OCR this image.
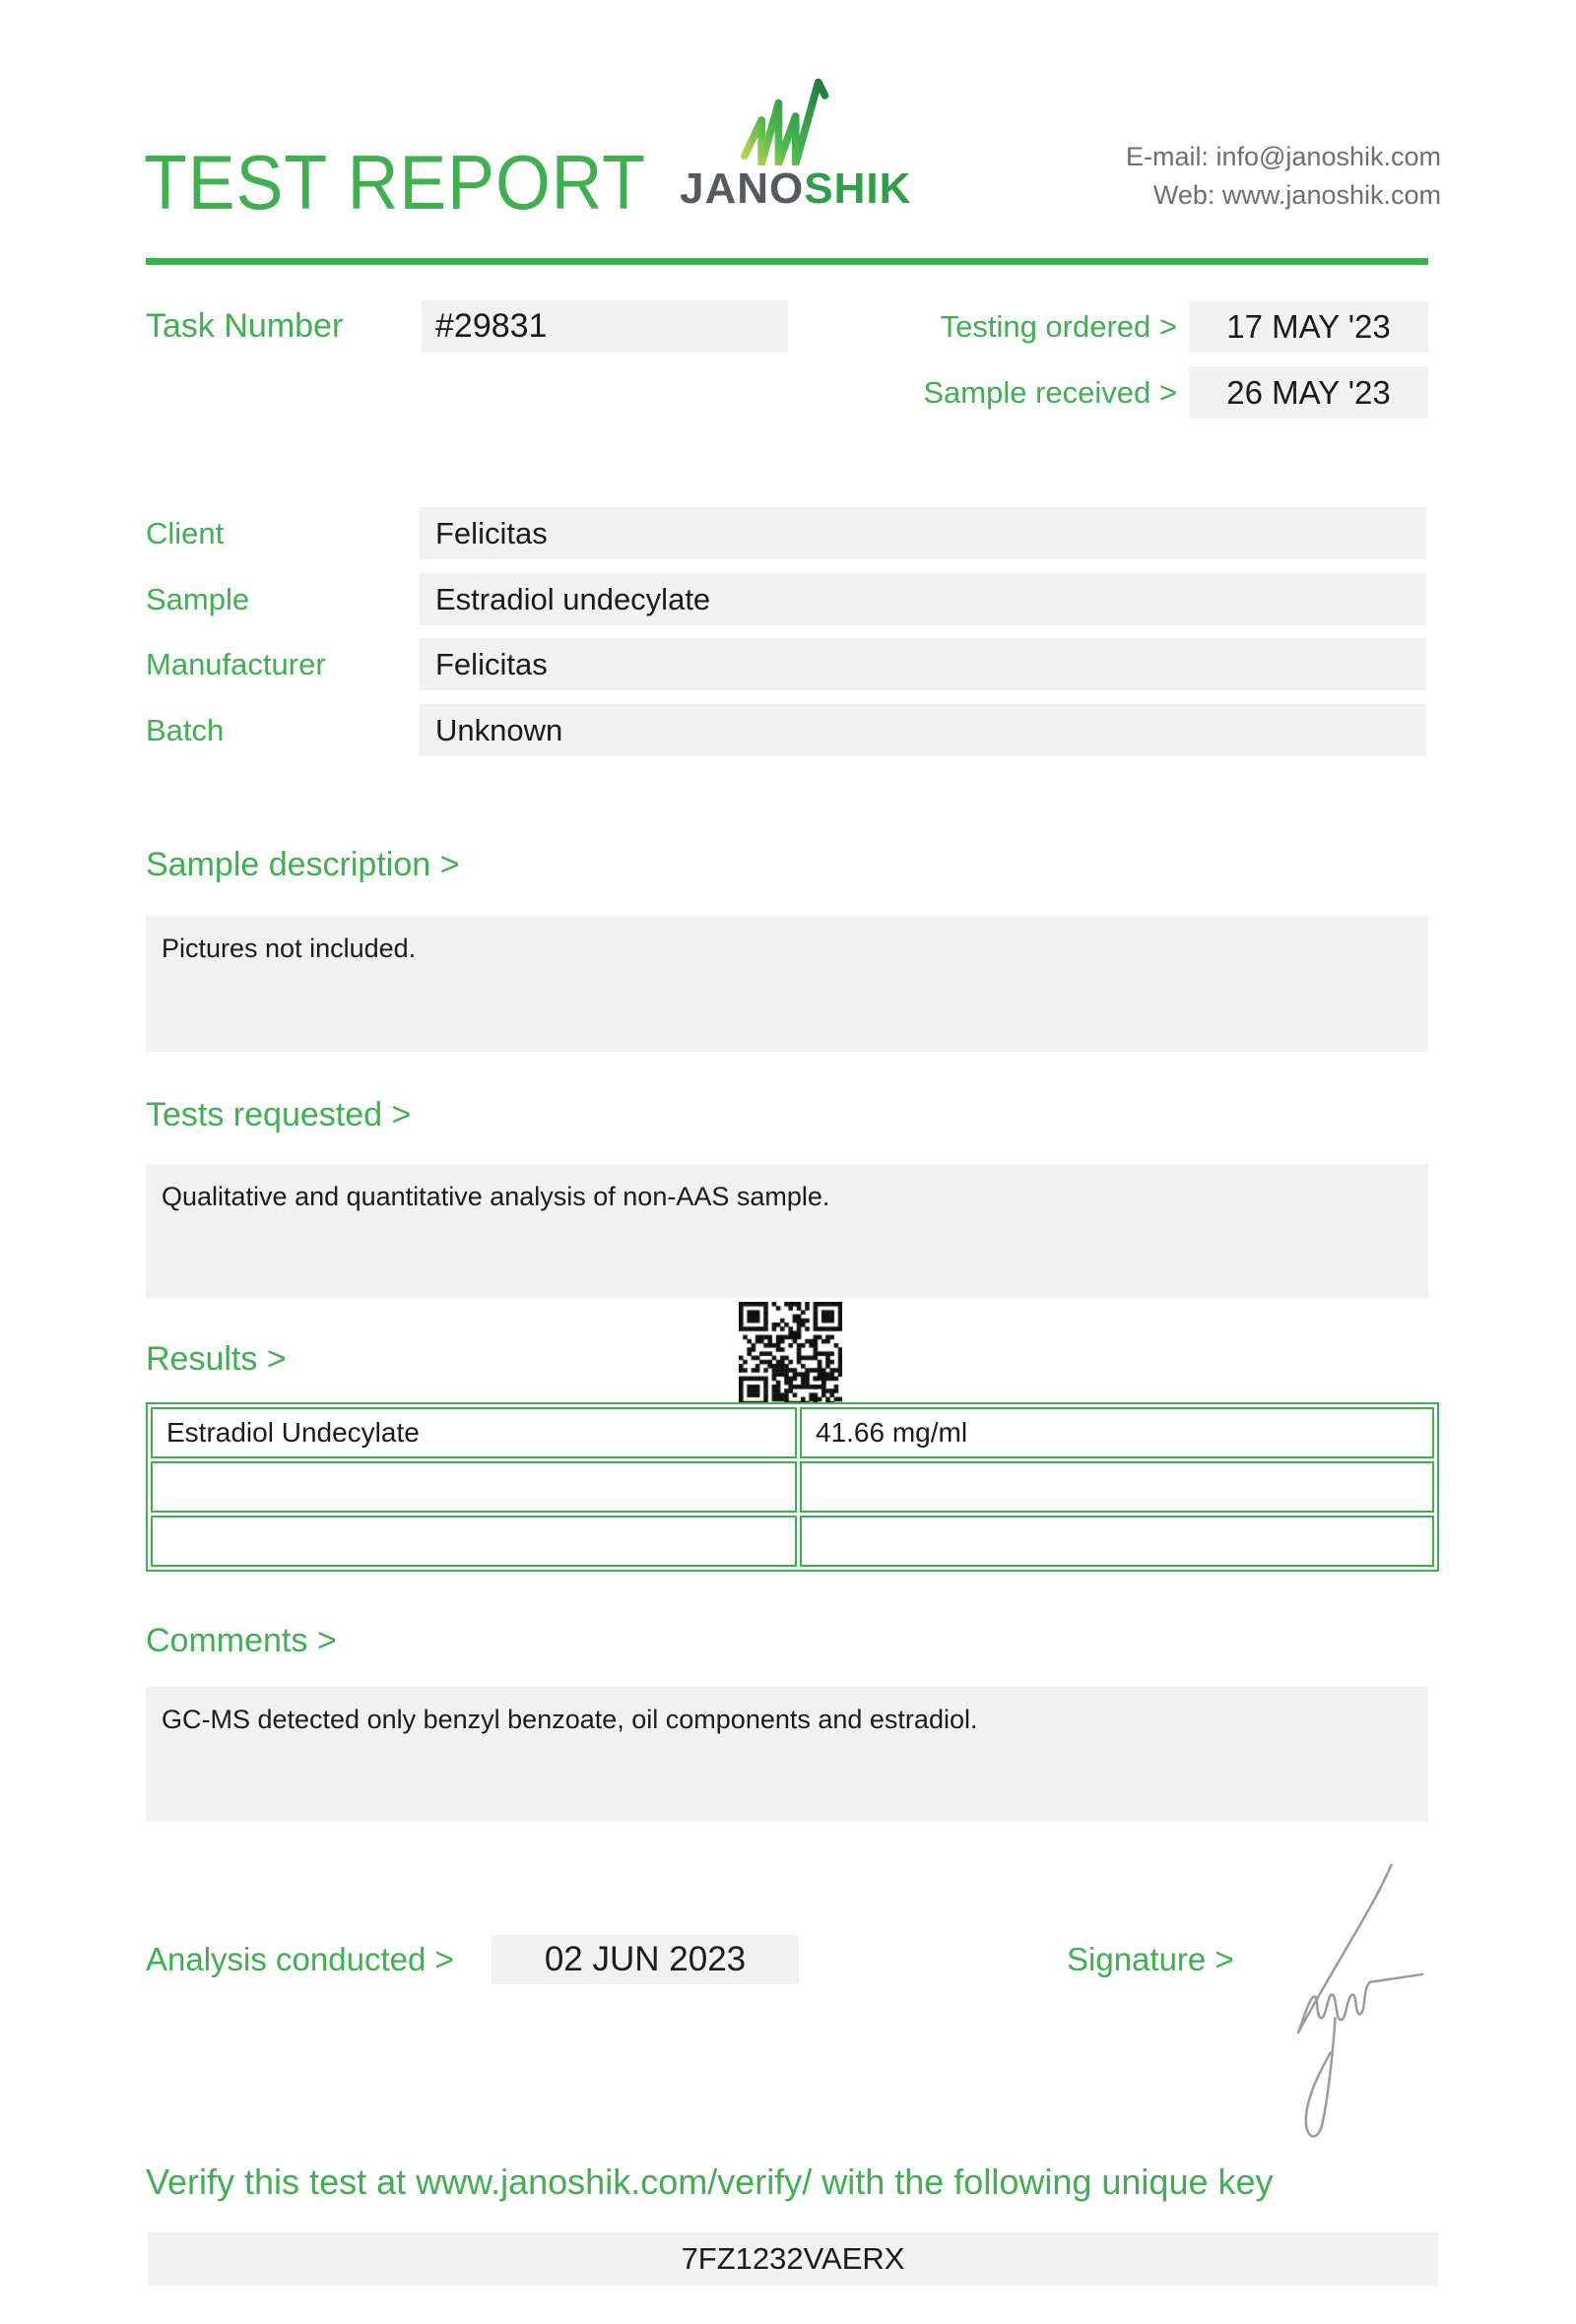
TEST REPORT JANOSHIK
E-mail: info@janoshik.com
Web: www.janoshik.com
Task Number	#29831	Testing ordered >	17 MAY '23
Sample received >	26 MAY '23
Client	Felicitas
Sample	Estradiol undecylate
Manufacturer	Felicitas
Batch	Unknown
Sample description >
Pictures not included.
Tests requested >
Qualitative and quantitative analysis of non-AAS sample.
Results >
Estradiol Undecylate	41.66 mg/ml

Comments >
GC-MS detected only benzyl benzoate, oil components and estradiol.
Analysis conducted >	02 JUN 2023	Signature >
Verify this test at www.janoshik.com/verify/ with the following unique key
7FZ1232VAERX
